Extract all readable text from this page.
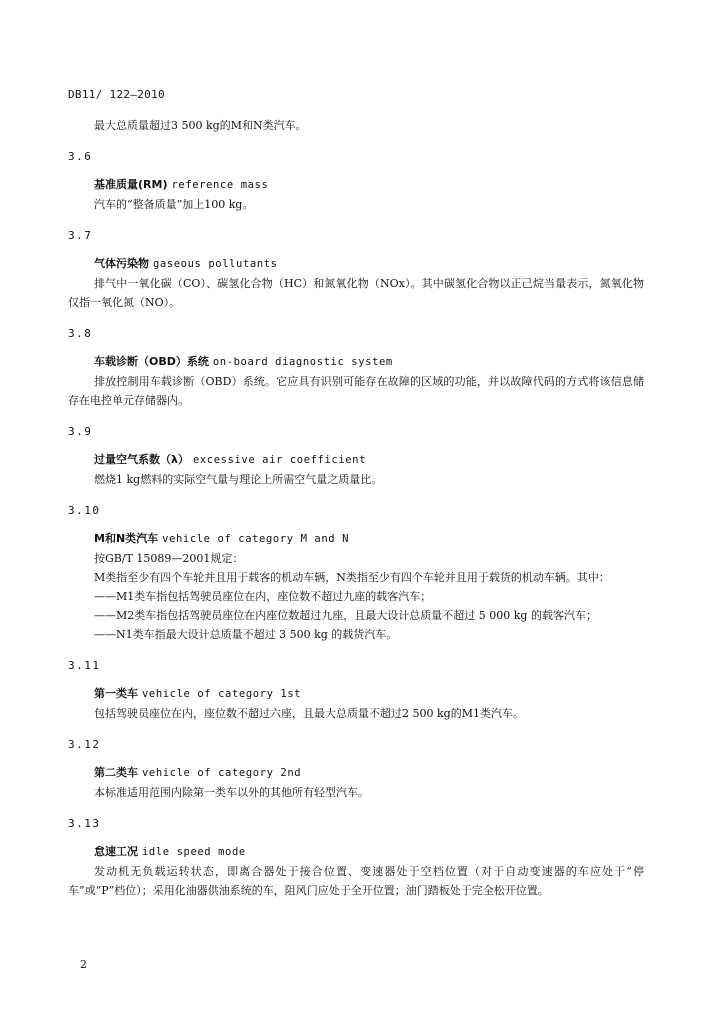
DB11/ 122—2010
最大总质量超过3 500 kg的M和N类汽车。
3.6
基准质量(RM) reference mass
汽车的“整备质量”加上100 kg。
3.7
气体污染物 gaseous pollutants
排气中一氧化碳（CO）、碳氢化合物（HC）和氮氧化物（NOx）。其中碳氢化合物以正己烷当量表示，氮氧化物仅指一氧化氮（NO）。
3.8
车载诊断（OBD）系统 on-board diagnostic system
排放控制用车载诊断（OBD）系统。它应具有识别可能存在故障的区域的功能，并以故障代码的方式将该信息储存在电控单元存储器内。
3.9
过量空气系数（λ） excessive air coefficient
燃烧1 kg燃料的实际空气量与理论上所需空气量之质量比。
3.10
M和N类汽车 vehicle of category M and N
按GB/T 15089—2001规定：
M类指至少有四个车轮并且用于载客的机动车辆，N类指至少有四个车轮并且用于载货的机动车辆。其中：
——M1类车指包括驾驶员座位在内，座位数不超过九座的载客汽车；
——M2类车指包括驾驶员座位在内座位数超过九座，且最大设计总质量不超过 5 000 kg 的载客汽车；
——N1类车指最大设计总质量不超过 3 500 kg 的载货汽车。
3.11
第一类车 vehicle of category 1st
包括驾驶员座位在内，座位数不超过六座，且最大总质量不超过2 500 kg的M1类汽车。
3.12
第二类车 vehicle of category 2nd
本标准适用范围内除第一类车以外的其他所有轻型汽车。
3.13
怠速工况 idle speed mode
发动机无负载运转状态，即离合器处于接合位置、变速器处于空档位置（对于自动变速器的车应处于“停车”或“P”档位）；采用化油器供油系统的车，阻风门应处于全开位置；油门踏板处于完全松开位置。
2
